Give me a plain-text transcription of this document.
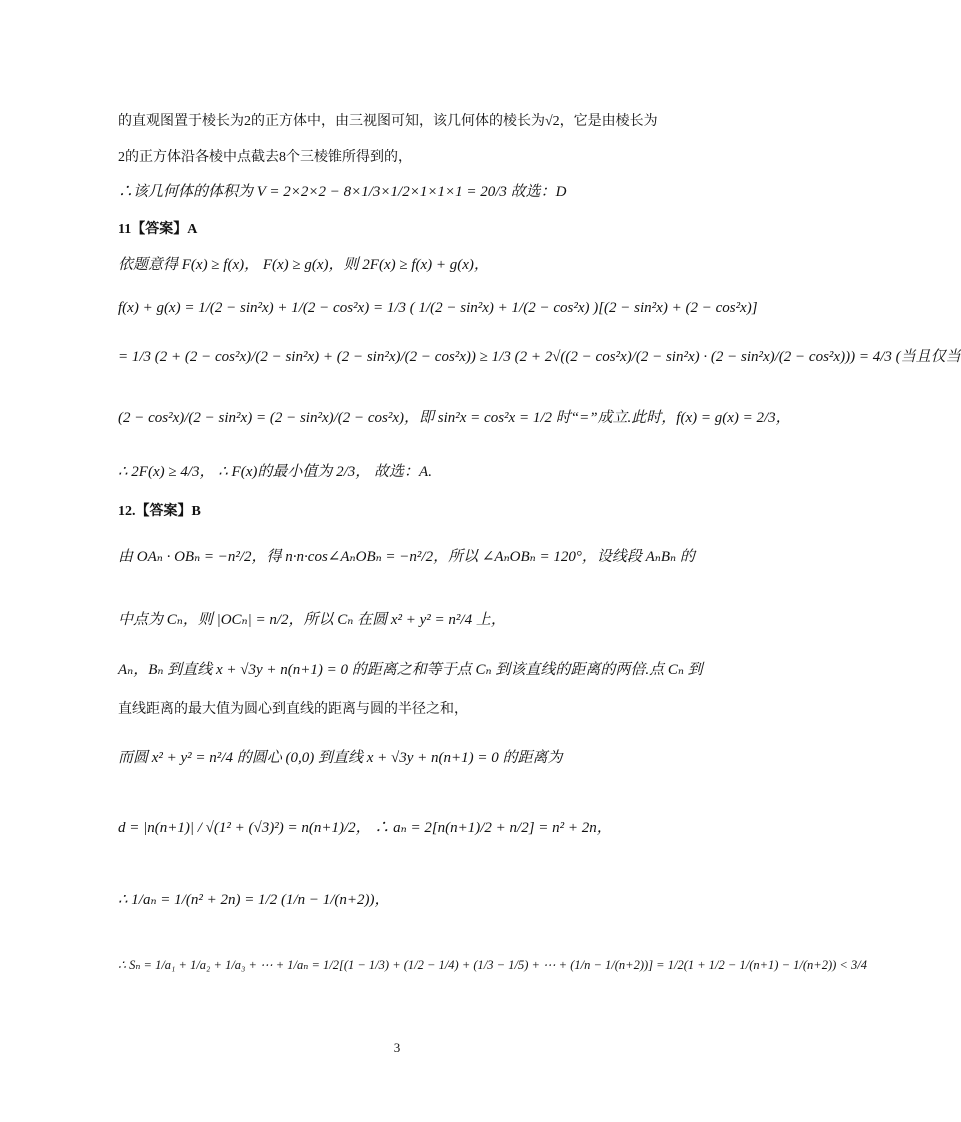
的直观图置于棱长为2的正方体中，由三视图可知，该几何体的棱长为√2，它是由棱长为
2的正方体沿各棱中点截去8个三棱锥所得到的，
∴该几何体的体积为 V = 2×2×2 − 8×1/3×1/2×1×1×1 = 20/3 故选：D
11【答案】A
依题意得 F(x) ≥ f(x)， F(x) ≥ g(x)，则 2F(x) ≥ f(x) + g(x)，
f(x) + g(x) = 1/(2 − sin²x) + 1/(2 − cos²x) = 1/3 ( 1/(2 − sin²x) + 1/(2 − cos²x) )[(2 − sin²x) + (2 − cos²x)]
= 1/3 (2 + (2 − cos²x)/(2 − sin²x) + (2 − sin²x)/(2 − cos²x)) ≥ 1/3 (2 + 2√((2 − cos²x)/(2 − sin²x) · (2 − sin²x)/(2 − cos²x))) = 4/3 (当且仅当
(2 − cos²x)/(2 − sin²x) = (2 − sin²x)/(2 − cos²x)，即 sin²x = cos²x = 1/2 时“=”成立.此时，f(x) = g(x) = 2/3，
∴ 2F(x) ≥ 4/3， ∴ F(x)的最小值为 2/3， 故选：A.
12.【答案】B
由 OAₙ · OBₙ = −n²/2，得 n·n·cos∠AₙOBₙ = −n²/2，所以 ∠AₙOBₙ = 120°，设线段 AₙBₙ 的
中点为 Cₙ，则 |OCₙ| = n/2，所以 Cₙ 在圆 x² + y² = n²/4 上，
Aₙ，Bₙ 到直线 x + √3y + n(n+1) = 0 的距离之和等于点 Cₙ 到该直线的距离的两倍.点 Cₙ 到
直线距离的最大值为圆心到直线的距离与圆的半径之和，
而圆 x² + y² = n²/4 的圆心 (0,0) 到直线 x + √3y + n(n+1) = 0 的距离为
d = |n(n+1)| / √(1² + (√3)²) = n(n+1)/2， ∴ aₙ = 2[n(n+1)/2 + n/2] = n² + 2n，
∴ 1/aₙ = 1/(n² + 2n) = 1/2 (1/n − 1/(n+2))，
∴ Sₙ = 1/a₁ + 1/a₂ + 1/a₃ + ⋯ + 1/aₙ = 1/2[(1 − 1/3) + (1/2 − 1/4) + (1/3 − 1/5) + ⋯ + (1/n − 1/(n+2))] = 1/2(1 + 1/2 − 1/(n+1) − 1/(n+2)) < 3/4
3
